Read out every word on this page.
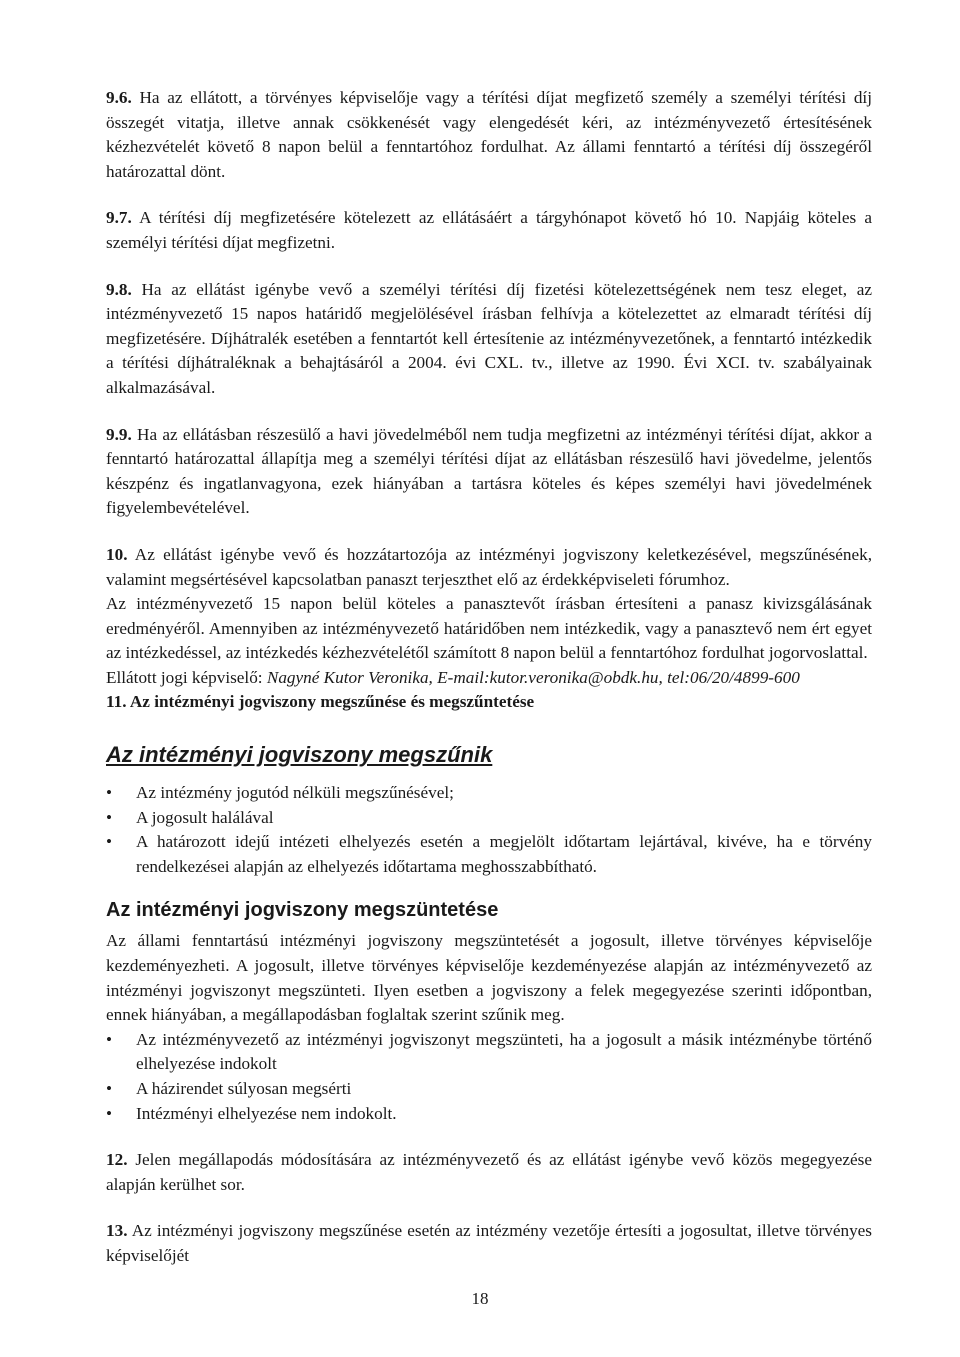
9.6. Ha az ellátott, a törvényes képviselője vagy a térítési díjat megfizető személy a személyi térítési díj összegét vitatja, illetve annak csökkenését vagy elengedését kéri, az intézményvezető értesítésének kézhezvételét követő 8 napon belül a fenntartóhoz fordulhat. Az állami fenntartó a térítési díj összegéről határozattal dönt.

9.7. A térítési díj megfizetésére kötelezett az ellátásáért a tárgyhónapot követő hó 10. Napjáig köteles a személyi térítési díjat megfizetni.

9.8. Ha az ellátást igénybe vevő a személyi térítési díj fizetési kötelezettségének nem tesz eleget, az intézményvezető 15 napos határidő megjelölésével írásban felhívja a kötelezettet az elmaradt térítési díj megfizetésére. Díjhátralék esetében a fenntartót kell értesítenie az intézményvezetőnek, a fenntartó intézkedik a térítési díjhátraléknak a behajtásáról a 2004. évi CXL. tv., illetve az 1990. Évi XCI. tv. szabályainak alkalmazásával.

9.9. Ha az ellátásban részesülő a havi jövedelméből nem tudja megfizetni az intézményi térítési díjat, akkor a fenntartó határozattal állapítja meg a személyi térítési díjat az ellátásban részesülő havi jövedelme, jelentős készpénz és ingatlanvagyona, ezek hiányában a tartásra köteles és képes személyi havi jövedelmének figyelembevételével.

10. Az ellátást igénybe vevő és hozzátartozója az intézményi jogviszony keletkezésével, megszűnésének, valamint megsértésével kapcsolatban panaszt terjeszthet elő az érdekképviseleti fórumhoz.

Az intézményvezető 15 napon belül köteles a panasztevőt írásban értesíteni a panasz kivizsgálásának eredményéről. Amennyiben az intézményvezető határidőben nem intézkedik, vagy a panasztevő nem ért egyet az intézkedéssel, az intézkedés kézhezvételétől számított 8 napon belül a fenntartóhoz fordulhat jogorvoslattal.

Ellátott jogi képviselő: Nagyné Kutor Veronika, E-mail:kutor.veronika@obdk.hu, tel:06/20/4899-600

11. Az intézményi jogviszony megszűnése és megszűntetése

Az intézményi jogviszony megszűnik
•	Az intézmény jogutód nélküli megszűnésével;
•	A jogosult halálával
•	A határozott idejű intézeti elhelyezés esetén a megjelölt időtartam lejártával, kivéve, ha e törvény rendelkezései alapján az elhelyezés időtartama meghosszabbítható.
Az intézményi jogviszony megszüntetése

Az állami fenntartású intézményi jogviszony megszüntetését a jogosult, illetve törvényes képviselője kezdeményezheti. A jogosult, illetve törvényes képviselője kezdeményezése alapján az intézményvezető az intézményi jogviszonyt megszünteti. Ilyen esetben a jogviszony a felek megegyezése szerinti időpontban, ennek hiányában, a megállapodásban foglaltak szerint szűnik meg.

•	Az intézményvezető az intézményi jogviszonyt megszünteti, ha a jogosult a másik intézménybe történő elhelyezése indokolt
•	A házirendet súlyosan megsérti
•	Intézményi elhelyezése nem indokolt.

12. Jelen megállapodás módosítására az intézményvezető és az ellátást igénybe vevő közös megegyezése alapján kerülhet sor.

13. Az intézményi jogviszony megszűnése esetén az intézmény vezetője értesíti a jogosultat, illetve törvényes képviselőjét

18
